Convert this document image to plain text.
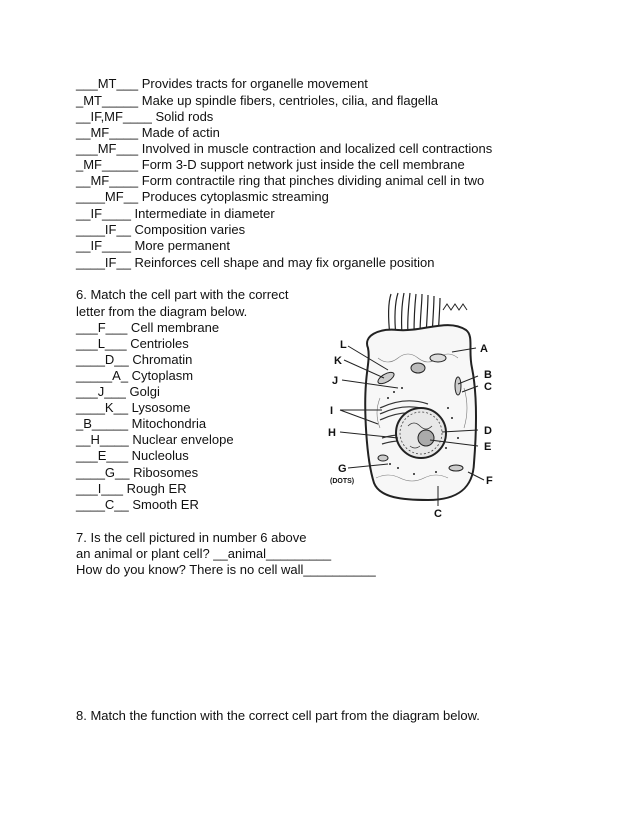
___MT___ Provides tracts for organelle movement
_MT_____ Make up spindle fibers, centrioles, cilia, and flagella
__IF,MF____ Solid rods
__MF____ Made of actin
___MF___ Involved in muscle contraction and localized cell contractions
_MF_____ Form 3-D support network just inside the cell membrane
__MF____ Form contractile ring that pinches dividing animal cell in two
____MF__ Produces cytoplasmic streaming
__IF____ Intermediate in diameter
____IF__ Composition varies
__IF____ More permanent
____IF__ Reinforces cell shape and may fix organelle position
6. Match the cell part with the correct
letter from the diagram below.
___F___ Cell membrane
___L___ Centrioles
____D__ Chromatin
_____A_ Cytoplasm
___J___ Golgi
____K__ Lysosome
_B_____ Mitochondria
__H____ Nuclear envelope
___E___ Nucleolus
____G__ Ribosomes
___I___ Rough ER
____C__ Smooth ER
L
K
J
I
H
G
(DOTS)
A
B
C
D
E
F
C
7. Is the cell pictured in number 6 above
an animal or plant cell? __animal_________
How do you know? There is no cell wall__________
8. Match the function with the correct cell part from the diagram below.
